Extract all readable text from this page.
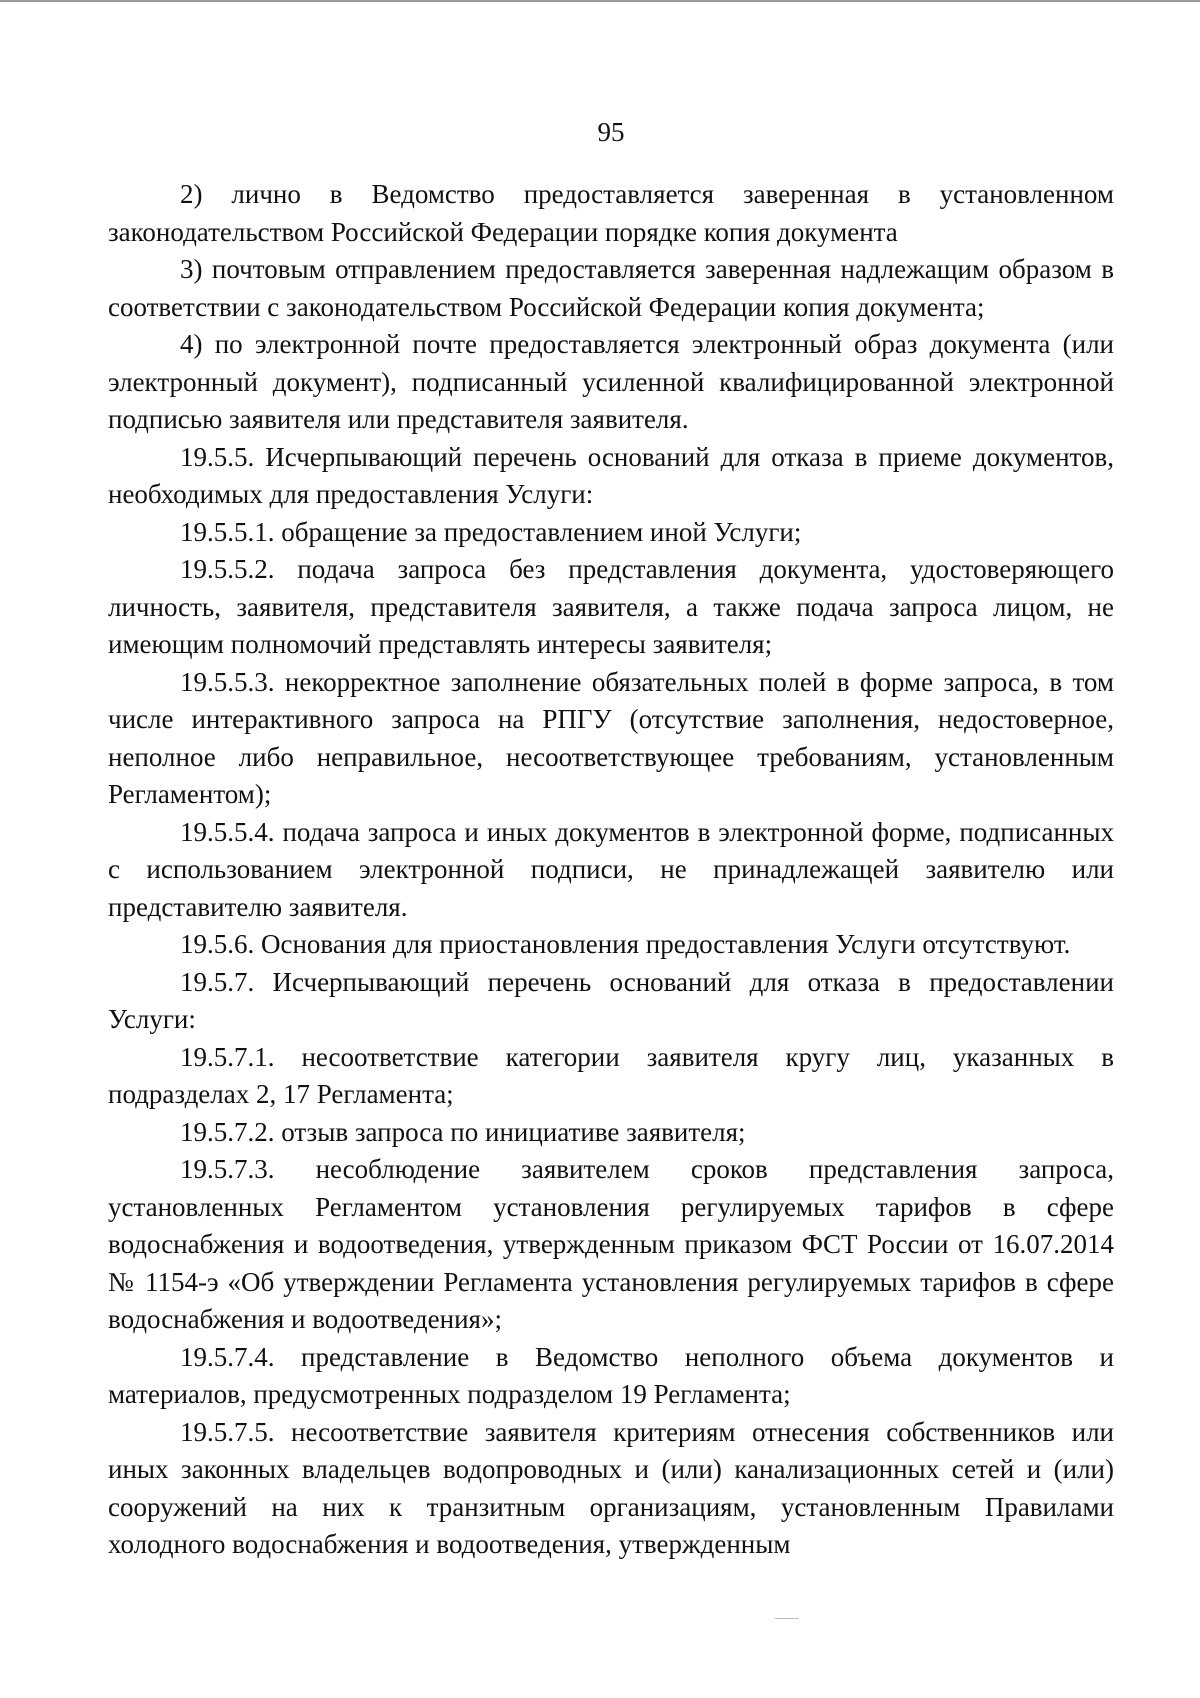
95

2) лично в Ведомство предоставляется заверенная в установленном законодательством Российской Федерации порядке копия документа

3) почтовым отправлением предоставляется заверенная надлежащим образом в соответствии с законодательством Российской Федерации копия документа;

4) по электронной почте предоставляется электронный образ документа (или электронный документ), подписанный усиленной квалифицированной электронной подписью заявителя или представителя заявителя.

19.5.5. Исчерпывающий перечень оснований для отказа в приеме документов, необходимых для предоставления Услуги:

19.5.5.1. обращение за предоставлением иной Услуги;

19.5.5.2. подача запроса без представления документа, удостоверяющего личность, заявителя, представителя заявителя, а также подача запроса лицом, не имеющим полномочий представлять интересы заявителя;

19.5.5.3. некорректное заполнение обязательных полей в форме запроса, в том числе интерактивного запроса на РПГУ (отсутствие заполнения, недостоверное, неполное либо неправильное, несоответствующее требованиям, установленным Регламентом);

19.5.5.4. подача запроса и иных документов в электронной форме, подписанных с использованием электронной подписи, не принадлежащей заявителю или представителю заявителя.

19.5.6. Основания для приостановления предоставления Услуги отсутствуют.

19.5.7. Исчерпывающий перечень оснований для отказа в предоставлении Услуги:

19.5.7.1. несоответствие категории заявителя кругу лиц, указанных в подразделах 2, 17 Регламента;

19.5.7.2. отзыв запроса по инициативе заявителя;

19.5.7.3. несоблюдение заявителем сроков представления запроса, установленных Регламентом установления регулируемых тарифов в сфере водоснабжения и водоотведения, утвержденным приказом ФСТ России от 16.07.2014 № 1154-э «Об утверждении Регламента установления регулируемых тарифов в сфере водоснабжения и водоотведения»;

19.5.7.4. представление в Ведомство неполного объема документов и материалов, предусмотренных подразделом 19 Регламента;

19.5.7.5. несоответствие заявителя критериям отнесения собственников или иных законных владельцев водопроводных и (или) канализационных сетей и (или) сооружений на них к транзитным организациям, установленным Правилами холодного водоснабжения и водоотведения, утвержденным
